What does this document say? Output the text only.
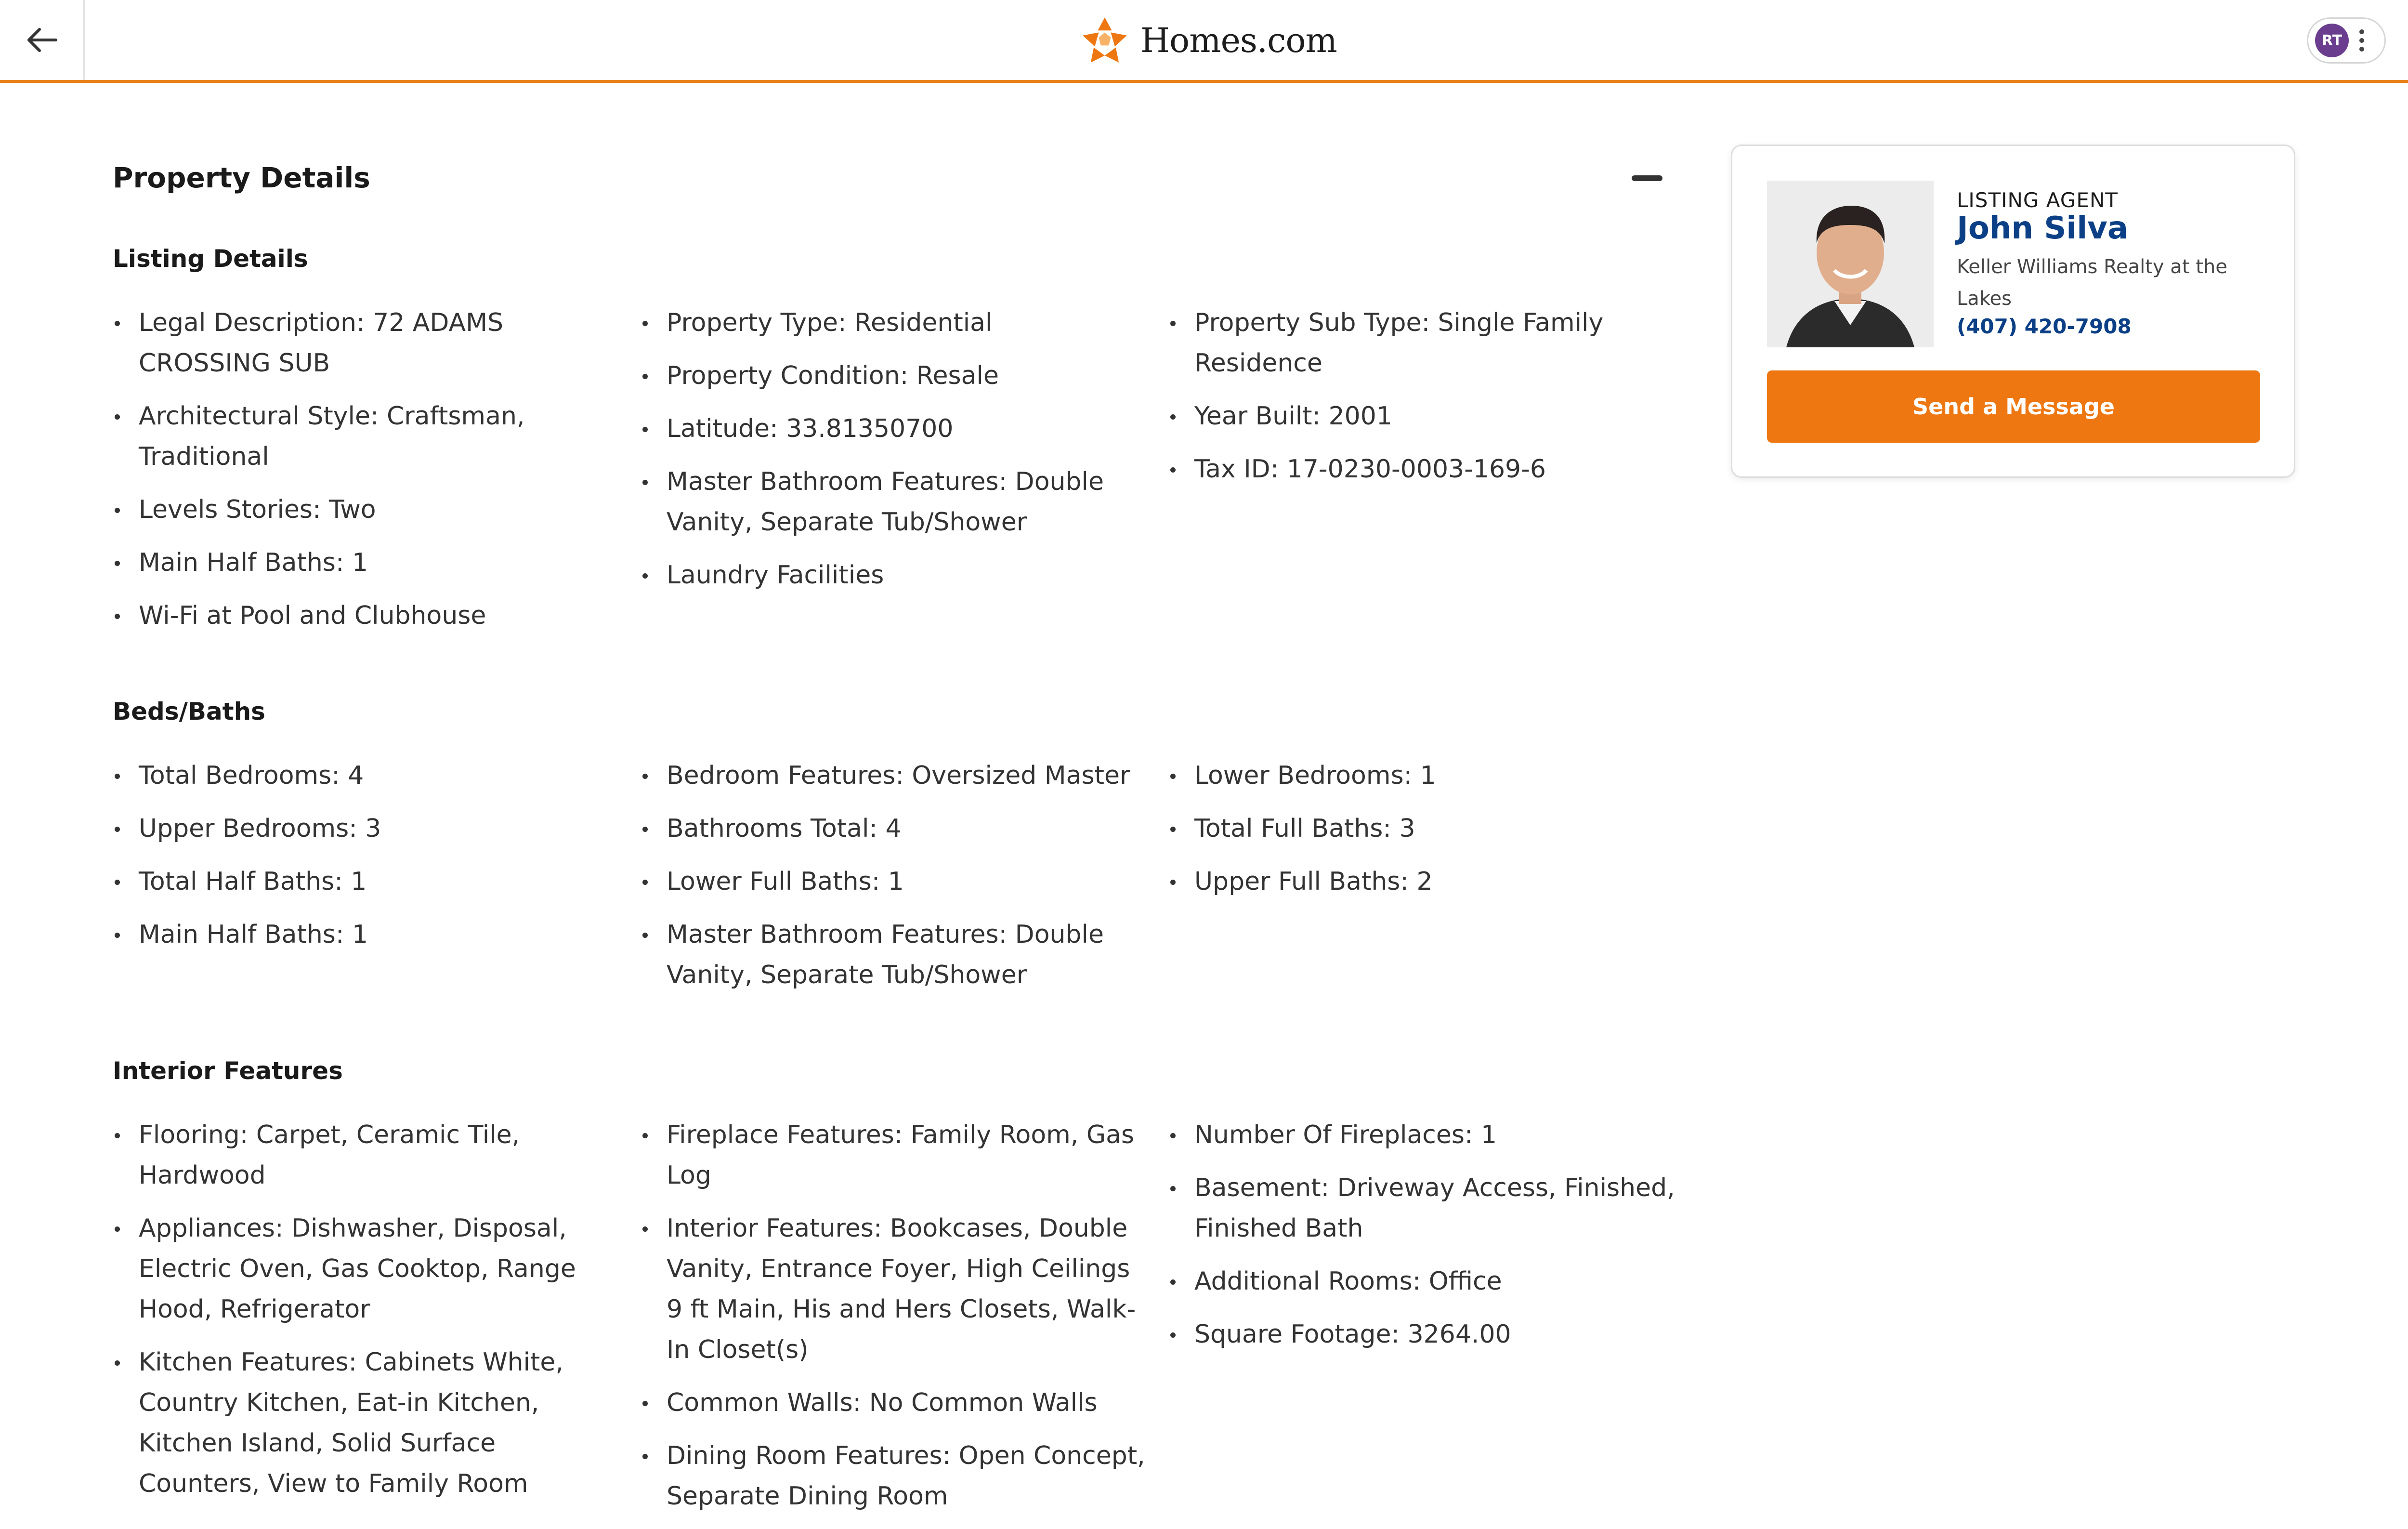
Homes.com	RT
Property Details
Listing Details
Legal Description: 72 ADAMS CROSSING SUB
Architectural Style: Craftsman, Traditional
Levels Stories: Two
Main Half Baths: 1
Wi-Fi at Pool and Clubhouse
Property Type: Residential
Property Condition: Resale
Latitude: 33.81350700
Master Bathroom Features: Double Vanity, Separate Tub/Shower
Laundry Facilities
Property Sub Type: Single Family Residence
Year Built: 2001
Tax ID: 17-0230-0003-169-6
Beds/Baths
Total Bedrooms: 4
Upper Bedrooms: 3
Total Half Baths: 1
Main Half Baths: 1
Bedroom Features: Oversized Master
Bathrooms Total: 4
Lower Full Baths: 1
Master Bathroom Features: Double Vanity, Separate Tub/Shower
Lower Bedrooms: 1
Total Full Baths: 3
Upper Full Baths: 2
Interior Features
Flooring: Carpet, Ceramic Tile, Hardwood
Appliances: Dishwasher, Disposal, Electric Oven, Gas Cooktop, Range Hood, Refrigerator
Kitchen Features: Cabinets White, Country Kitchen, Eat-in Kitchen, Kitchen Island, Solid Surface Counters, View to Family Room
Fireplace Features: Family Room, Gas Log
Interior Features: Bookcases, Double Vanity, Entrance Foyer, High Ceilings 9 ft Main, His and Hers Closets, Walk-In Closet(s)
Common Walls: No Common Walls
Dining Room Features: Open Concept, Separate Dining Room
Number Of Fireplaces: 1
Basement: Driveway Access, Finished, Finished Bath
Additional Rooms: Office
Square Footage: 3264.00
LISTING AGENT
John Silva
Keller Williams Realty at the Lakes
(407) 420-7908
Send a Message
